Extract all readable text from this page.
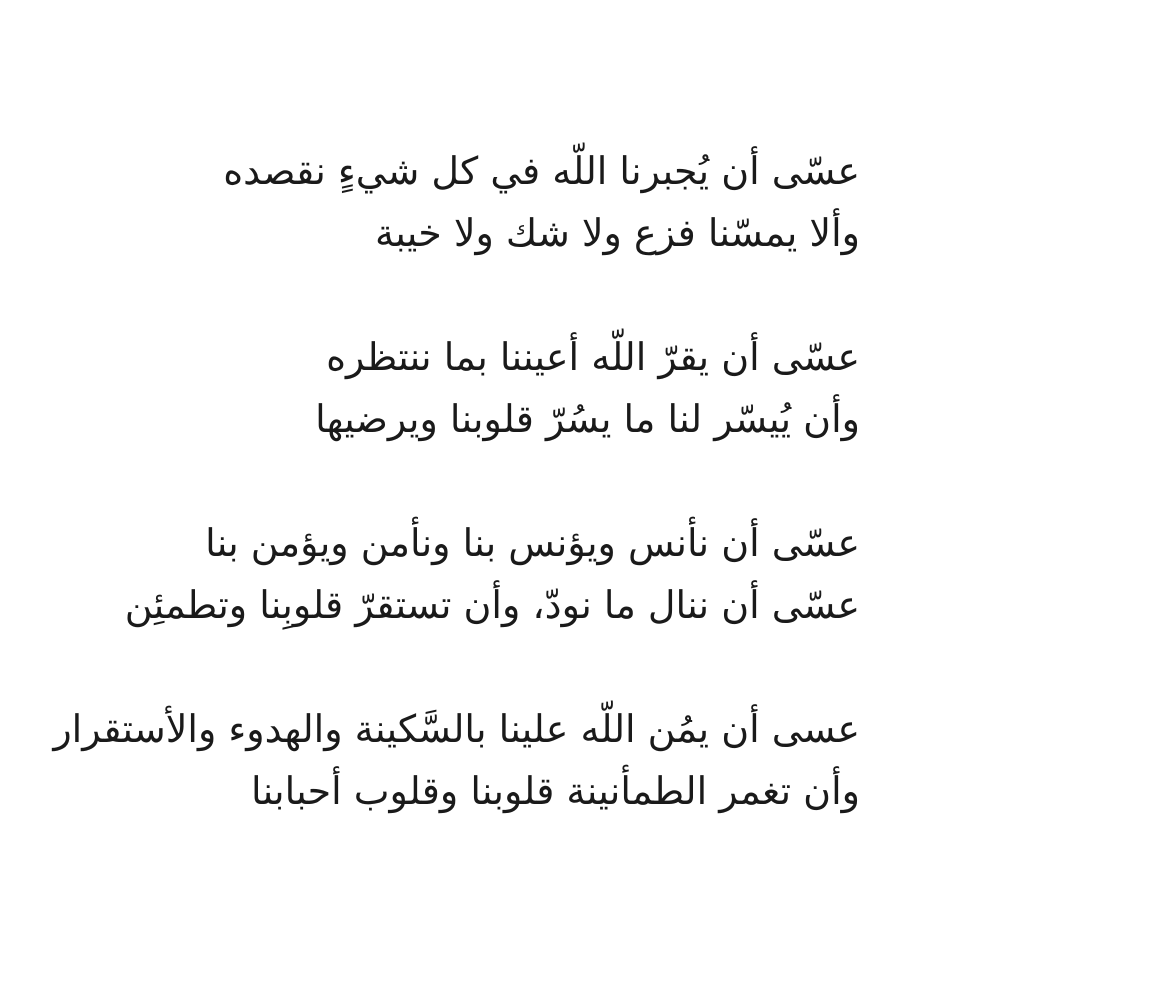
عسّى أن يُجبرنا اللّه في كل شيءٍ نقصده
وألا يمسّنا فزع ولا شك ولا خيبة
عسّى أن يقرّ اللّه أعيننا بما ننتظره
وأن يُيسّر لنا ما يسُرّ قلوبنا ويرضيها
عسّى أن نأنس ويؤنس بنا ونأمن ويؤمن بنا
عسّى أن ننال ما نودّ، وأن تستقرّ قلوبِنا وتطمئِن
عسى أن يمُن اللّه علينا بالسَّكينة والهدوء والأستقرار
وأن تغمر الطمأنينة قلوبنا وقلوب أحبابنا
